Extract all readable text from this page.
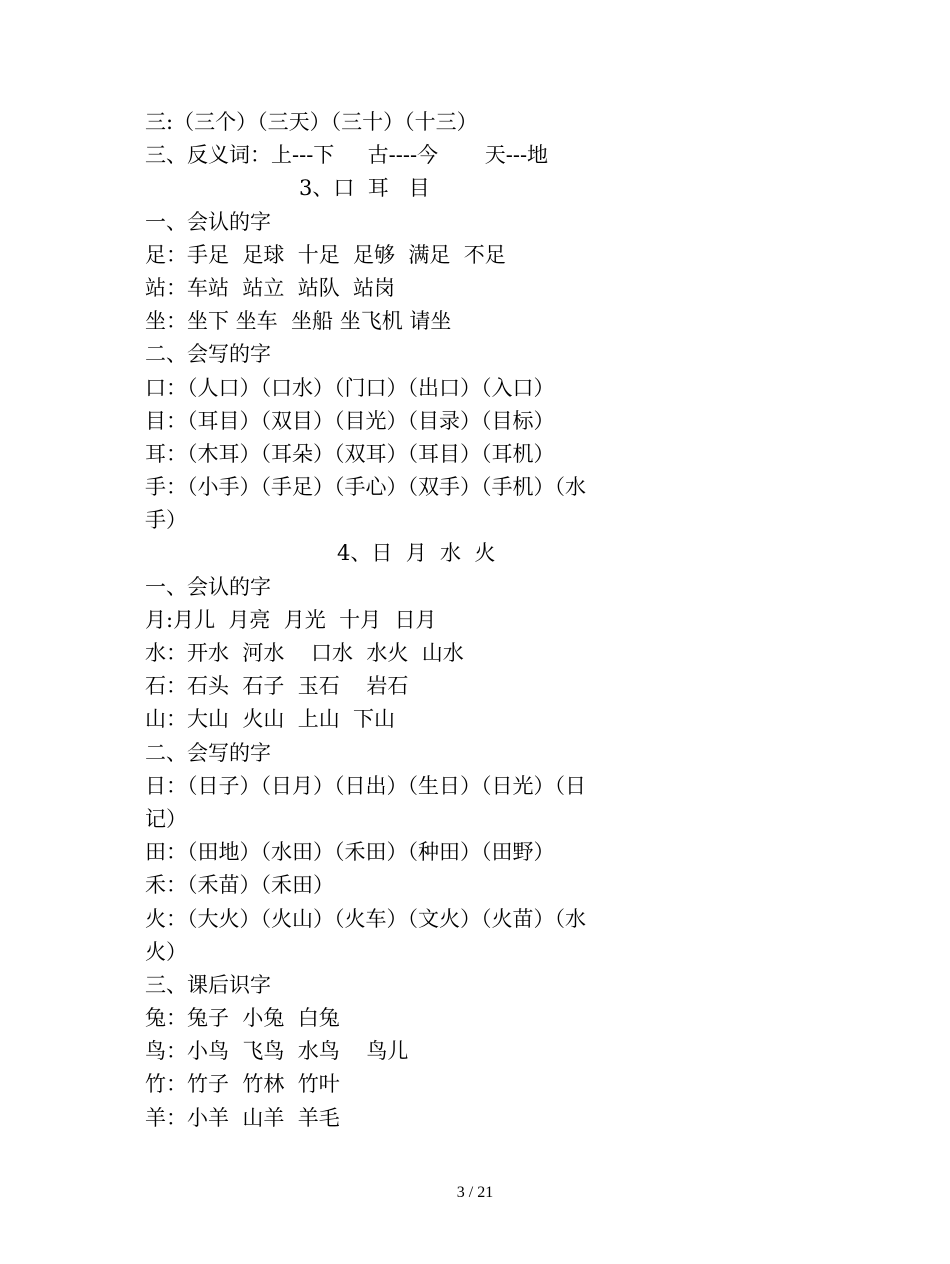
三:（三个）（三天）（三十）（十三）
三、反义词：上---下     古----今       天---地
3、口  耳   目
一、会认的字
足：手足  足球  十足  足够  满足  不足
站：车站  站立  站队  站岗
坐：坐下 坐车  坐船 坐飞机 请坐
二、会写的字
口：（人口）（口水）（门口）（出口）（入口）
目：（耳目）（双目）（目光）（目录）（目标）
耳：（木耳）（耳朵）（双耳）（耳目）（耳机）
手：（小手）（手足）（手心）（双手）（手机）（水
手）
4、日  月  水  火
一、会认的字
月:月儿  月亮  月光  十月  日月
水：开水  河水    口水  水火  山水
石：石头  石子  玉石    岩石
山：大山  火山  上山  下山
二、会写的字
日：（日子）（日月）（日出）（生日）（日光）（日
记）
田：（田地）（水田）（禾田）（种田）（田野）
禾：（禾苗）（禾田）
火：（大火）（火山）（火车）（文火）（火苗）（水
火）
三、课后识字
兔：兔子  小兔  白兔
鸟：小鸟  飞鸟  水鸟    鸟儿
竹：竹子  竹林  竹叶
羊：小羊  山羊  羊毛
3 / 21
